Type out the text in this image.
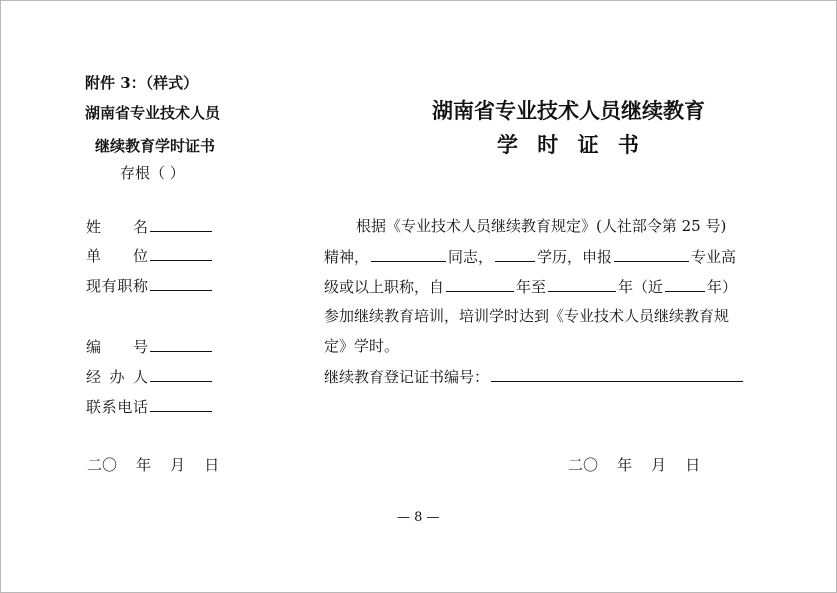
附件 3：（样式）
湖南省专业技术人员
继续教育学时证书
存根（ ）
姓 名
单 位
现有职称
编 号
经 办 人
联系电话
二〇    年    月    日
湖南省专业技术人员继续教育
学 时 证 书
根据《专业技术人员继续教育规定》(人社部令第 25 号)
精神，	同志，	学历，申报	专业高
级或以上职称，自	年至	年（近	年）
参加继续教育培训，培训学时达到《专业技术人员继续教育规
定》学时。
继续教育登记证书编号：
二〇    年    月    日
— 8 —
